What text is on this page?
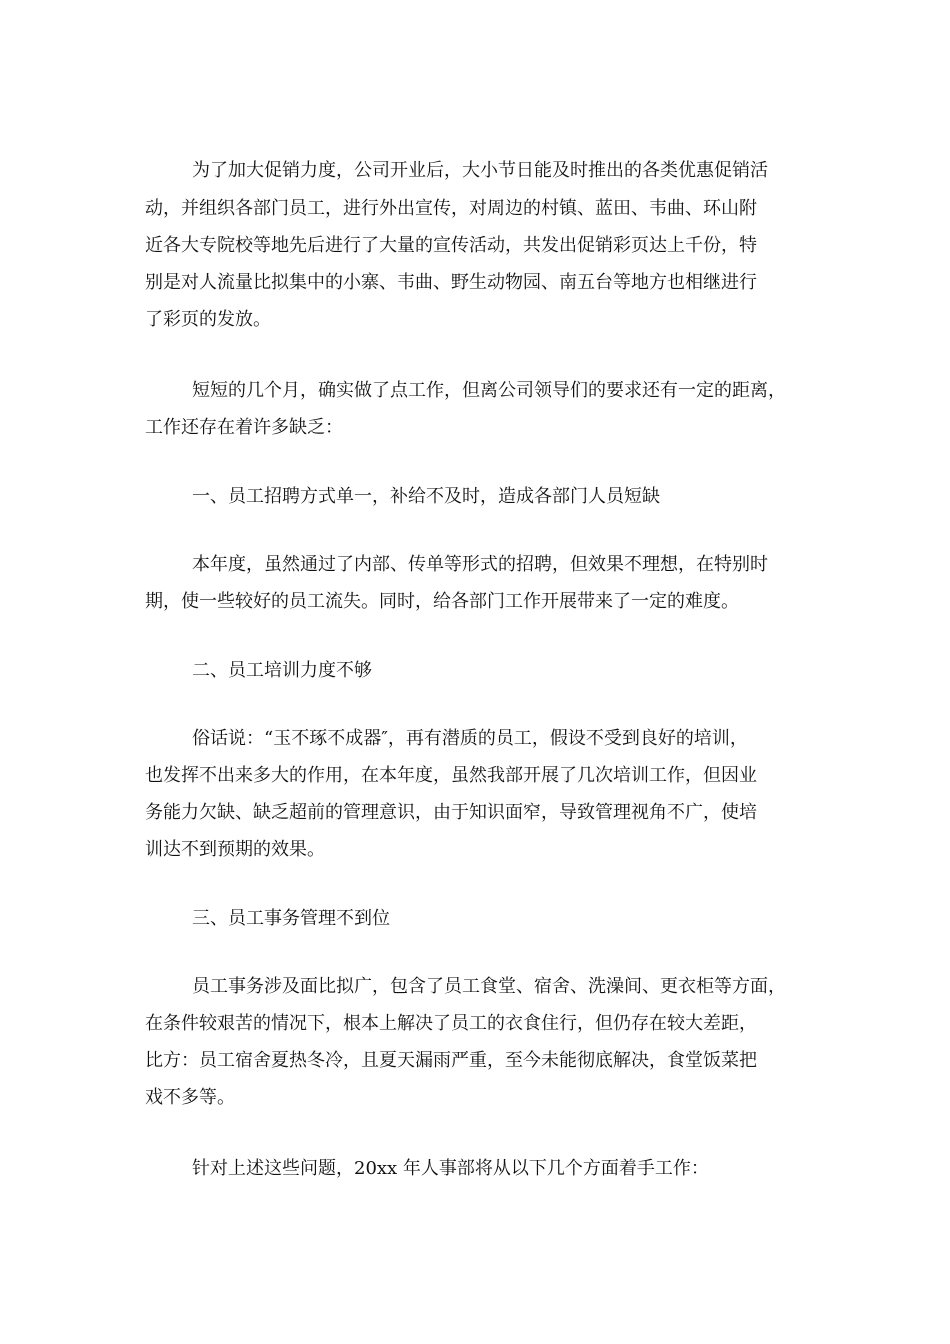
为了加大促销力度，公司开业后，大小节日能及时推出的各类优惠促销活
动，并组织各部门员工，进行外出宣传，对周边的村镇、蓝田、韦曲、环山附
近各大专院校等地先后进行了大量的宣传活动，共发出促销彩页达上千份，特
别是对人流量比拟集中的小寨、韦曲、野生动物园、南五台等地方也相继进行
了彩页的发放。
短短的几个月，确实做了点工作，但离公司领导们的要求还有一定的距离，
工作还存在着许多缺乏：
一、员工招聘方式单一，补给不及时，造成各部门人员短缺
本年度，虽然通过了内部、传单等形式的招聘，但效果不理想，在特别时
期，使一些较好的员工流失。同时，给各部门工作开展带来了一定的难度。
二、员工培训力度不够
俗话说：“玉不琢不成器″，再有潜质的员工，假设不受到良好的培训，
也发挥不出来多大的作用，在本年度，虽然我部开展了几次培训工作，但因业
务能力欠缺、缺乏超前的管理意识，由于知识面窄，导致管理视角不广，使培
训达不到预期的效果。
三、员工事务管理不到位
员工事务涉及面比拟广，包含了员工食堂、宿舍、洗澡间、更衣柜等方面，
在条件较艰苦的情况下，根本上解决了员工的衣食住行，但仍存在较大差距，
比方：员工宿舍夏热冬冷，且夏天漏雨严重，至今未能彻底解决，食堂饭菜把
戏不多等。
针对上述这些问题，20xx 年人事部将从以下几个方面着手工作：
